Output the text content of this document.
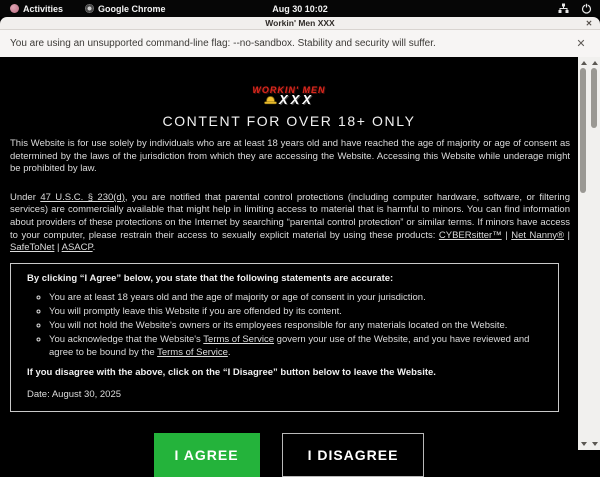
Activities	Google Chrome	Aug 30 10:02
Workin' Men XXX	✕
You are using an unsupported command-line flag: --no-sandbox. Stability and security will suffer.	✕
WORKIN' MEN
XXX
CONTENT FOR OVER 18+ ONLY

This Website is for use solely by individuals who are at least 18 years old and have reached the age of majority or age of consent as determined by the laws of the jurisdiction from which they are accessing the Website. Accessing this Website while underage might be prohibited by law.

Under 47 U.S.C. § 230(d), you are notified that parental control protections (including computer hardware, software, or filtering services) are commercially available that might help in limiting access to material that is harmful to minors. You can find information about providers of these protections on the Internet by searching “parental control protection” or similar terms. If minors have access to your computer, please restrain their access to sexually explicit material by using these products: CYBERsitter™ | Net Nanny® | SafeToNet | ASACP.

By clicking “I Agree” below, you state that the following statements are accurate:
◦ You are at least 18 years old and the age of majority or age of consent in your jurisdiction.
◦ You will promptly leave this Website if you are offended by its content.
◦ You will not hold the Website's owners or its employees responsible for any materials located on the Website.
◦ You acknowledge that the Website's Terms of Service govern your use of the Website, and you have reviewed and agree to be bound by the Terms of Service.
If you disagree with the above, click on the “I Disagree” button below to leave the Website.
Date: August 30, 2025
I AGREE	I DISAGREE
